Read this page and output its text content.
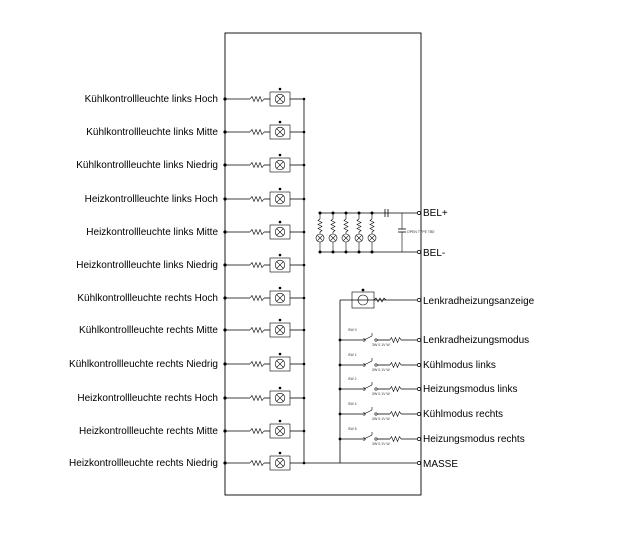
Kühlkontrollleuchte links Hoch
Kühlkontrollleuchte links Mitte
Kühlkontrollleuchte links Niedrig
Heizkontrollleuchte links Hoch
Heizkontrollleuchte links Mitte
Heizkontrollleuchte links Niedrig
Kühlkontrollleuchte rechts Hoch
Kühlkontrollleuchte rechts Mitte
Kühlkontrollleuchte rechts Niedrig
Heizkontrollleuchte rechts Hoch
Heizkontrollleuchte rechts Mitte
Heizkontrollleuchte rechts Niedrig
OPEN TYPE TBE
SW 0
3W 0.1V W
SW 1
3W 0.1V W
SW 2
3W 0.1V W
SW 4
3W 0.1V W
SW 5
3W 0.1V W
BEL+
BEL-
Lenkradheizungsanzeige
Lenkradheizungsmodus
Kühlmodus links
Heizungsmodus links
Kühlmodus rechts
Heizungsmodus rechts
MASSE
